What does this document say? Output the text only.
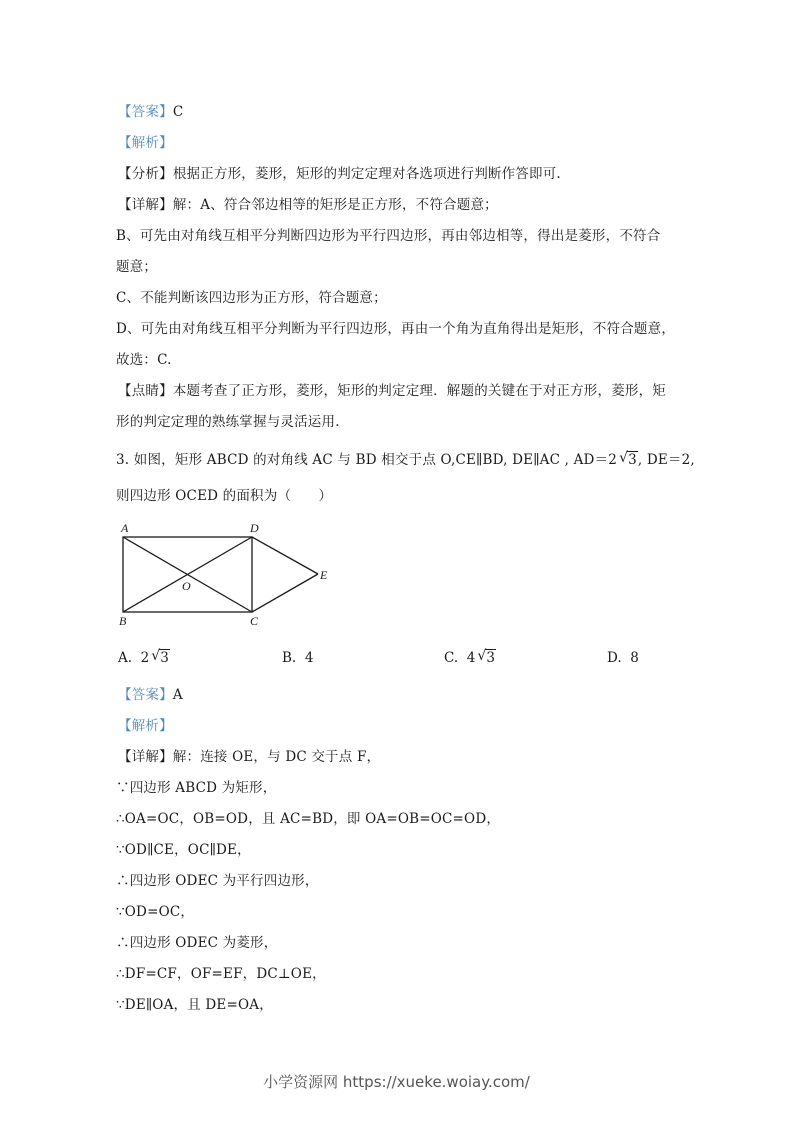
【答案】C
【解析】
【分析】根据正方形，菱形，矩形的判定定理对各选项进行判断作答即可.
【详解】解：A、符合邻边相等的矩形是正方形，不符合题意；
B、可先由对角线互相平分判断四边形为平行四边形，再由邻边相等，得出是菱形，不符合
题意；
C、不能判断该四边形为正方形，符合题意；
D、可先由对角线互相平分判断为平行四边形，再由一个角为直角得出是矩形，不符合题意，
故选：C.
【点睛】本题考查了正方形，菱形，矩形的判定定理．解题的关键在于对正方形，菱形，矩
形的判定定理的熟练掌握与灵活运用.
3. 如图，矩形 ABCD 的对角线 AC 与 BD 相交于点 O,CE∥BD, DE∥AC , AD＝2 √ 3, DE＝2,
则四边形 OCED 的面积为（　　）
A	D
B	C
O
E
A. 2 √ 3	B. 4	C. 4 √ 3	D. 8
【答案】A
【解析】
【详解】解：连接 OE，与 DC 交于点 F，
∵四边形 ABCD 为矩形，
∴OA=OC，OB=OD，且 AC=BD，即 OA=OB=OC=OD，
∵OD∥CE，OC∥DE，
∴四边形 ODEC 为平行四边形，
∵OD=OC，
∴四边形 ODEC 为菱形，
∴DF=CF，OF=EF，DC⊥OE，
∵DE∥OA，且 DE=OA，
小学资源网 https://xueke.woiay.com/
